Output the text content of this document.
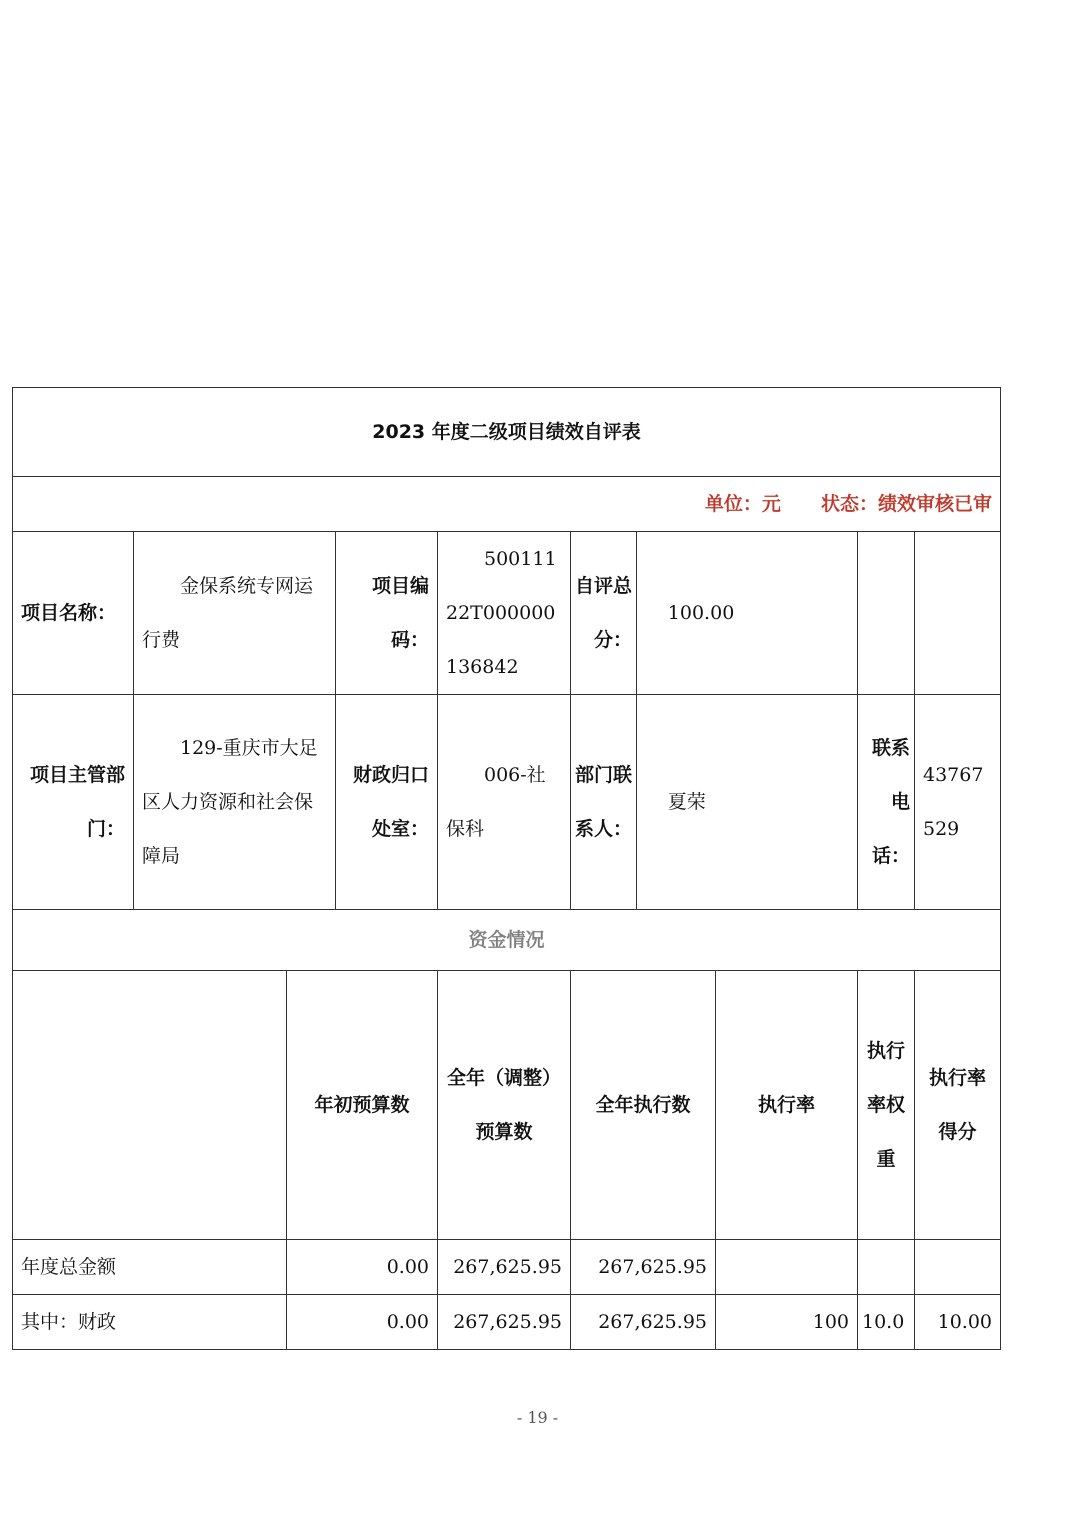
2023 年度二级项目绩效自评表									
单位：元 状态：绩效审核已审									
项目名称：	金保系统专网运行费		项目编码：	50011122T000000136842	自评总分：	100.00			
项目主管部门：	129-重庆市大足区人力资源和社会保障局		财政归口处室：	006-社保科	部门联系人：	夏荣		联系电话：	43767529
资金情况									
		年初预算数		全年（调整）预算数	全年执行数		执行率	执行率权重	执行率得分
年度总金额		0.00		267,625.95	267,625.95				
其中：财政		0.00		267,625.95	267,625.95		100	10.0	10.00
- 19 -
